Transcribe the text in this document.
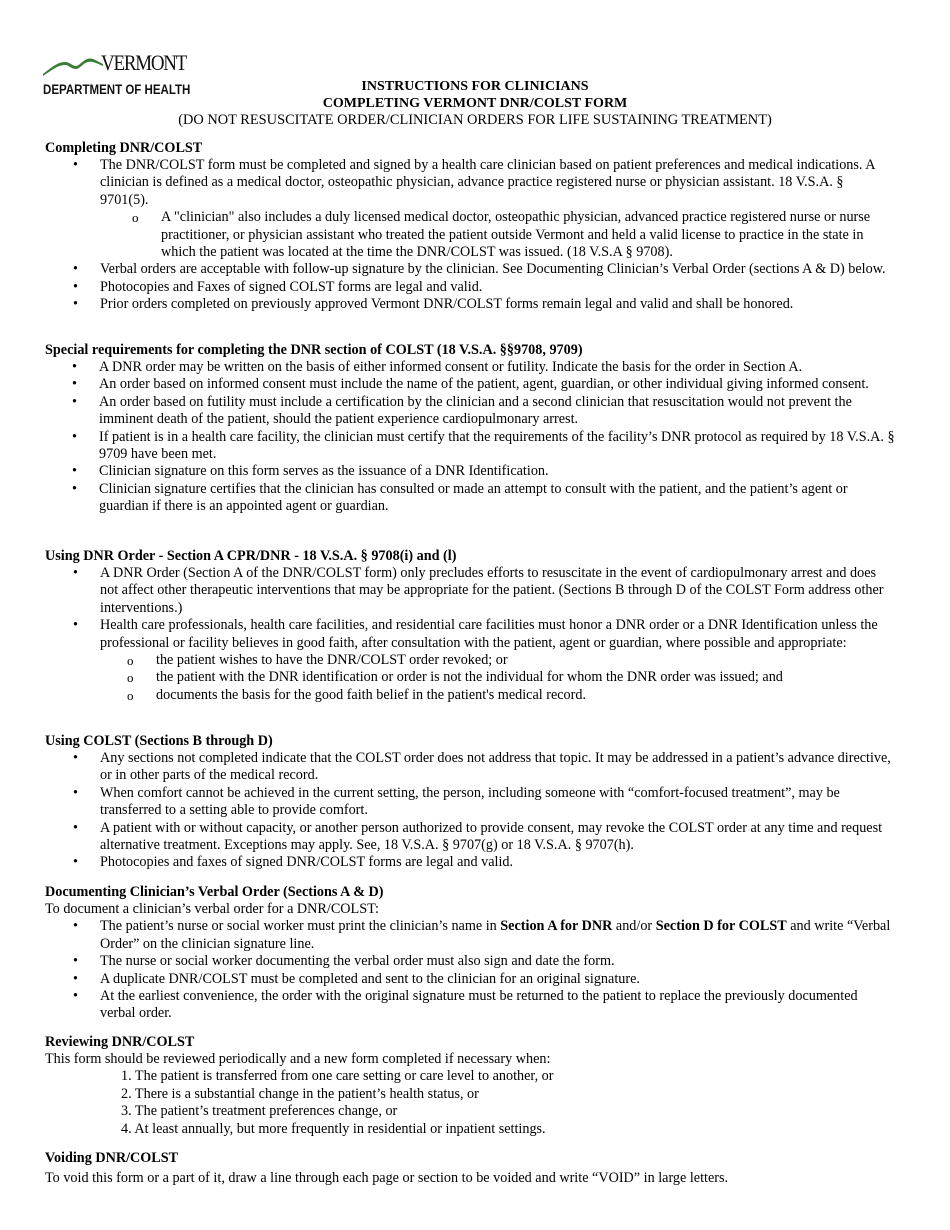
VERMONT
DEPARTMENT OF HEALTH	INSTRUCTIONS FOR CLINICIANS
COMPLETING VERMONT DNR/COLST FORM
(DO NOT RESUSCITATE ORDER/CLINICIAN ORDERS FOR LIFE SUSTAINING TREATMENT)
Completing DNR/COLST
• The DNR/COLST form must be completed and signed by a health care clinician based on patient preferences and medical indications. A clinician is defined as a medical doctor, osteopathic physician, advance practice registered nurse or physician assistant. 18 V.S.A. § 9701(5).
o A "clinician" also includes a duly licensed medical doctor, osteopathic physician, advanced practice registered nurse or nurse practitioner, or physician assistant who treated the patient outside Vermont and held a valid license to practice in the state in which the patient was located at the time the DNR/COLST was issued. (18 V.S.A § 9708).
• Verbal orders are acceptable with follow-up signature by the clinician. See Documenting Clinician’s Verbal Order (sections A & D) below.
• Photocopies and Faxes of signed COLST forms are legal and valid.
• Prior orders completed on previously approved Vermont DNR/COLST forms remain legal and valid and shall be honored.
Special requirements for completing the DNR section of COLST (18 V.S.A. §§9708, 9709)
• A DNR order may be written on the basis of either informed consent or futility. Indicate the basis for the order in Section A.
• An order based on informed consent must include the name of the patient, agent, guardian, or other individual giving informed consent.
• An order based on futility must include a certification by the clinician and a second clinician that resuscitation would not prevent the imminent death of the patient, should the patient experience cardiopulmonary arrest.
• If patient is in a health care facility, the clinician must certify that the requirements of the facility’s DNR protocol as required by 18 V.S.A. § 9709 have been met.
• Clinician signature on this form serves as the issuance of a DNR Identification.
• Clinician signature certifies that the clinician has consulted or made an attempt to consult with the patient, and the patient’s agent or guardian if there is an appointed agent or guardian.
Using DNR Order - Section A CPR/DNR - 18 V.S.A. § 9708(i) and (l)
• A DNR Order (Section A of the DNR/COLST form) only precludes efforts to resuscitate in the event of cardiopulmonary arrest and does not affect other therapeutic interventions that may be appropriate for the patient. (Sections B through D of the COLST Form address other interventions.)
• Health care professionals, health care facilities, and residential care facilities must honor a DNR order or a DNR Identification unless the professional or facility believes in good faith, after consultation with the patient, agent or guardian, where possible and appropriate:
o the patient wishes to have the DNR/COLST order revoked; or
o the patient with the DNR identification or order is not the individual for whom the DNR order was issued; and
o documents the basis for the good faith belief in the patient's medical record.
Using COLST (Sections B through D)
• Any sections not completed indicate that the COLST order does not address that topic. It may be addressed in a patient’s advance directive, or in other parts of the medical record.
• When comfort cannot be achieved in the current setting, the person, including someone with “comfort-focused treatment”, may be transferred to a setting able to provide comfort.
• A patient with or without capacity, or another person authorized to provide consent, may revoke the COLST order at any time and request alternative treatment. Exceptions may apply. See, 18 V.S.A. § 9707(g) or 18 V.S.A. § 9707(h).
• Photocopies and faxes of signed DNR/COLST forms are legal and valid.
Documenting Clinician’s Verbal Order (Sections A & D)

To document a clinician’s verbal order for a DNR/COLST:

• The patient’s nurse or social worker must print the clinician’s name in Section A for DNR and/or Section D for COLST and write “Verbal Order” on the clinician signature line.
• The nurse or social worker documenting the verbal order must also sign and date the form.
• A duplicate DNR/COLST must be completed and sent to the clinician for an original signature.
• At the earliest convenience, the order with the original signature must be returned to the patient to replace the previously documented verbal order.
Reviewing DNR/COLST

This form should be reviewed periodically and a new form completed if necessary when:

1. The patient is transferred from one care setting or care level to another, or
2. There is a substantial change in the patient’s health status, or
3. The patient’s treatment preferences change, or
4. At least annually, but more frequently in residential or inpatient settings.
Voiding DNR/COLST

To void this form or a part of it, draw a line through each page or section to be voided and write “VOID” in large letters.
